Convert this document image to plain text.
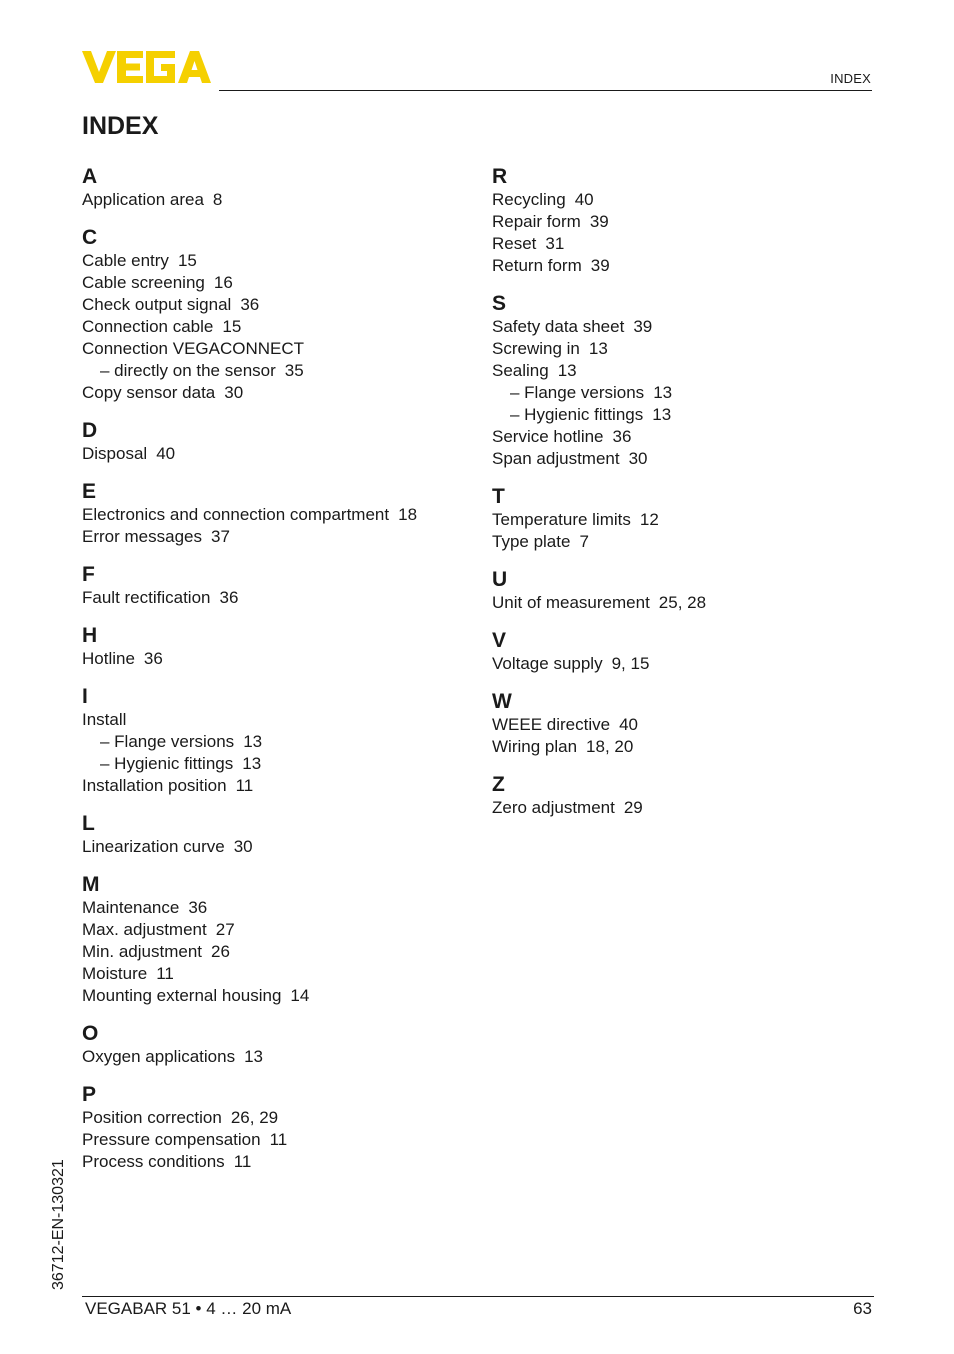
INDEX
INDEX
A
Application area 8
C
Cable entry 15
Cable screening 16
Check output signal 36
Connection cable 15
Connection VEGACONNECT
– directly on the sensor 35
Copy sensor data 30
D
Disposal 40
E
Electronics and connection compartment 18
Error messages 37
F
Fault rectification 36
H
Hotline 36
I
Install
– Flange versions 13
– Hygienic fittings 13
Installation position 11
L
Linearization curve 30
M
Maintenance 36
Max. adjustment 27
Min. adjustment 26
Moisture 11
Mounting external housing 14
O
Oxygen applications 13
P
Position correction 26, 29
Pressure compensation 11
Process conditions 11
R
Recycling 40
Repair form 39
Reset 31
Return form 39
S
Safety data sheet 39
Screwing in 13
Sealing 13
– Flange versions 13
– Hygienic fittings 13
Service hotline 36
Span adjustment 30
T
Temperature limits 12
Type plate 7
U
Unit of measurement 25, 28
V
Voltage supply 9, 15
W
WEEE directive 40
Wiring plan 18, 20
Z
Zero adjustment 29
36712-EN-130321
VEGABAR 51 • 4 … 20 mA	63
